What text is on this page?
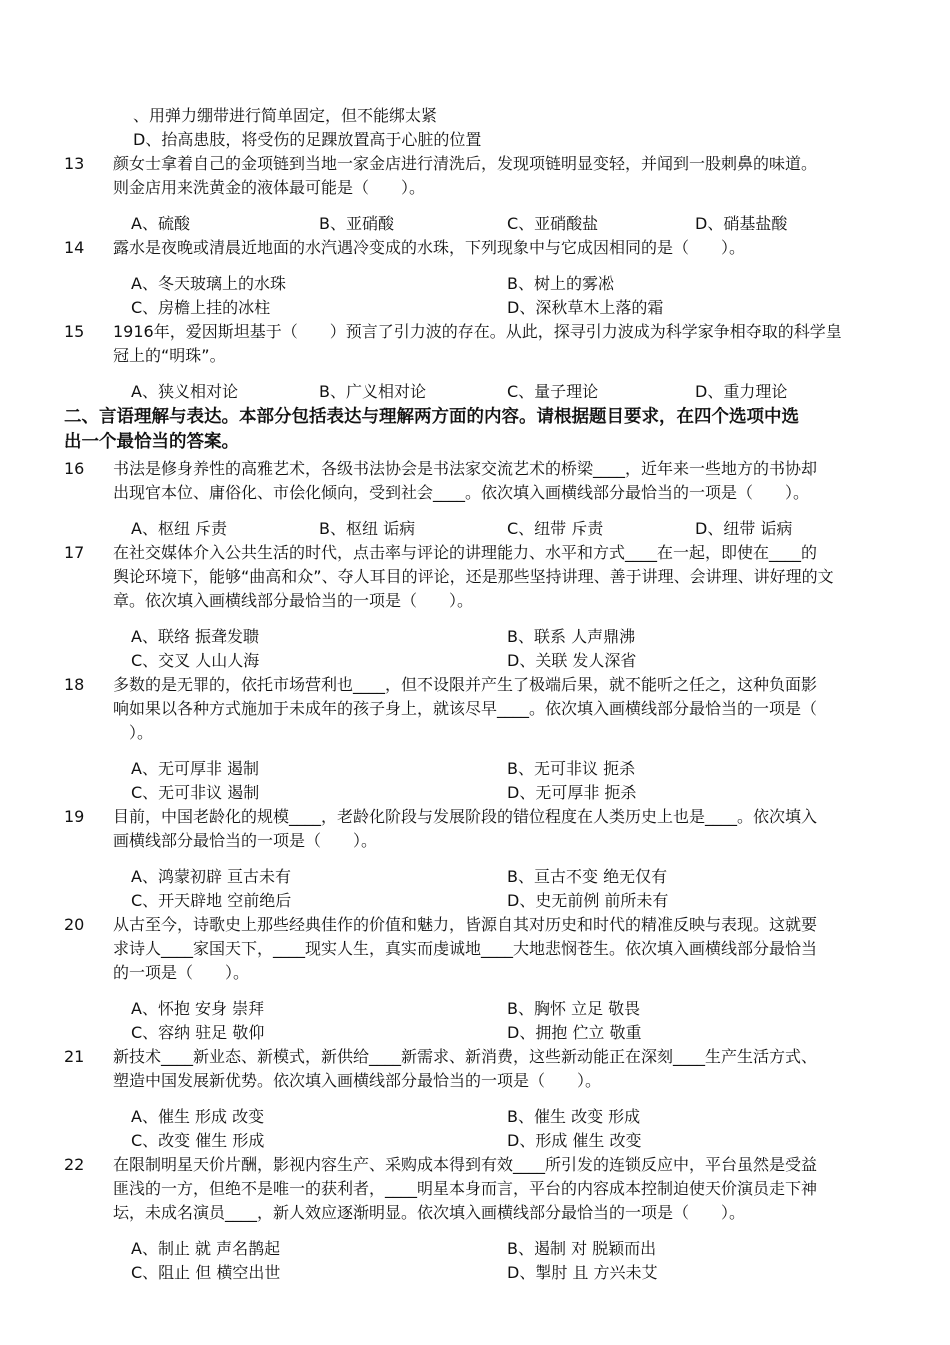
、用弹力绷带进行简单固定，但不能绑太紧
D、抬高患肢，将受伤的足踝放置高于心脏的位置
13 颜女士拿着自己的金项链到当地一家金店进行清洗后，发现项链明显变轻，并闻到一股刺鼻的味道。
则金店用来洗黄金的液体最可能是（　　）。
A、硫酸	B、亚硝酸	C、亚硝酸盐	D、硝基盐酸
14 露水是夜晚或清晨近地面的水汽遇冷变成的水珠，下列现象中与它成因相同的是（　　）。
A、冬天玻璃上的水珠	B、树上的雾凇
C、房檐上挂的冰柱	D、深秋草木上落的霜
15 1916年，爱因斯坦基于（　　）预言了引力波的存在。从此，探寻引力波成为科学家争相夺取的科学皇
冠上的“明珠”。
A、狭义相对论	B、广义相对论	C、量子理论	D、重力理论
二、言语理解与表达。本部分包括表达与理解两方面的内容。请根据题目要求，在四个选项中选
出一个最恰当的答案。
16 书法是修身养性的高雅艺术，各级书法协会是书法家交流艺术的桥梁____，近年来一些地方的书协却
出现官本位、庸俗化、市侩化倾向，受到社会____。依次填入画横线部分最恰当的一项是（　　）。
A、枢纽 斥责	B、枢纽 诟病	C、纽带 斥责	D、纽带 诟病
17 在社交媒体介入公共生活的时代，点击率与评论的讲理能力、水平和方式____在一起，即使在____的
舆论环境下，能够“曲高和众”、夺人耳目的评论，还是那些坚持讲理、善于讲理、会讲理、讲好理的文
章。依次填入画横线部分最恰当的一项是（　　）。
A、联络 振聋发聩	B、联系 人声鼎沸
C、交叉 人山人海	D、关联 发人深省
18 多数的是无罪的，依托市场营利也____，但不设限并产生了极端后果，就不能听之任之，这种负面影
响如果以各种方式施加于未成年的孩子身上，就该尽早____。依次填入画横线部分最恰当的一项是（
　）。
A、无可厚非 遏制	B、无可非议 扼杀
C、无可非议 遏制	D、无可厚非 扼杀
19 目前，中国老龄化的规模____，老龄化阶段与发展阶段的错位程度在人类历史上也是____。依次填入
画横线部分最恰当的一项是（　　）。
A、鸿蒙初辟 亘古未有	B、亘古不变 绝无仅有
C、开天辟地 空前绝后	D、史无前例 前所未有
20 从古至今，诗歌史上那些经典佳作的价值和魅力，皆源自其对历史和时代的精准反映与表现。这就要
求诗人____家国天下，____现实人生，真实而虔诚地____大地悲悯苍生。依次填入画横线部分最恰当
的一项是（　　）。
A、怀抱 安身 崇拜	B、胸怀 立足 敬畏
C、容纳 驻足 敬仰	D、拥抱 伫立 敬重
21 新技术____新业态、新模式，新供给____新需求、新消费，这些新动能正在深刻____生产生活方式、
塑造中国发展新优势。依次填入画横线部分最恰当的一项是（　　）。
A、催生 形成 改变	B、催生 改变 形成
C、改变 催生 形成	D、形成 催生 改变
22 在限制明星天价片酬，影视内容生产、采购成本得到有效____所引发的连锁反应中，平台虽然是受益
匪浅的一方，但绝不是唯一的获利者，____明星本身而言，平台的内容成本控制迫使天价演员走下神
坛，未成名演员____，新人效应逐渐明显。依次填入画横线部分最恰当的一项是（　　）。
A、制止 就 声名鹊起	B、遏制 对 脱颖而出
C、阻止 但 横空出世	D、掣肘 且 方兴未艾
